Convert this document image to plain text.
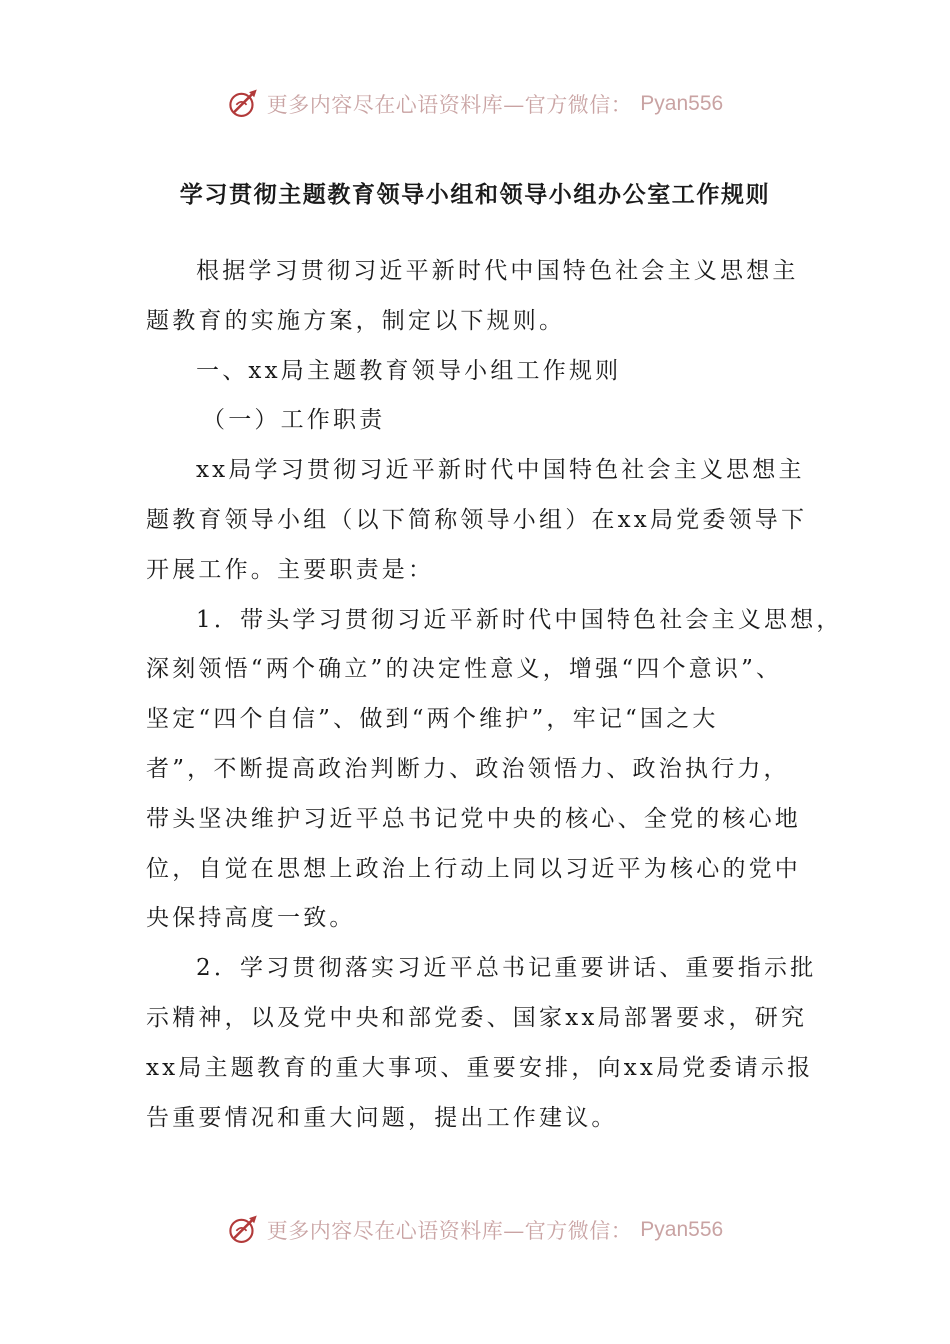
更多内容尽在心语资料库—官方微信： Pyan556
学习贯彻主题教育领导小组和领导小组办公室工作规则
根据学习贯彻习近平新时代中国特色社会主义思想主
题教育的实施方案，制定以下规则。
一、xx局主题教育领导小组工作规则
（一）工作职责
xx局学习贯彻习近平新时代中国特色社会主义思想主
题教育领导小组（以下简称领导小组）在xx局党委领导下
开展工作。主要职责是：
1．带头学习贯彻习近平新时代中国特色社会主义思想，
深刻领悟“两个确立”的决定性意义，增强“四个意识”、
坚定“四个自信”、做到“两个维护”，牢记“国之大
者”，不断提高政治判断力、政治领悟力、政治执行力，
带头坚决维护习近平总书记党中央的核心、全党的核心地
位，自觉在思想上政治上行动上同以习近平为核心的党中
央保持高度一致。
2．学习贯彻落实习近平总书记重要讲话、重要指示批
示精神，以及党中央和部党委、国家xx局部署要求，研究
xx局主题教育的重大事项、重要安排，向xx局党委请示报
告重要情况和重大问题，提出工作建议。
更多内容尽在心语资料库—官方微信： Pyan556
